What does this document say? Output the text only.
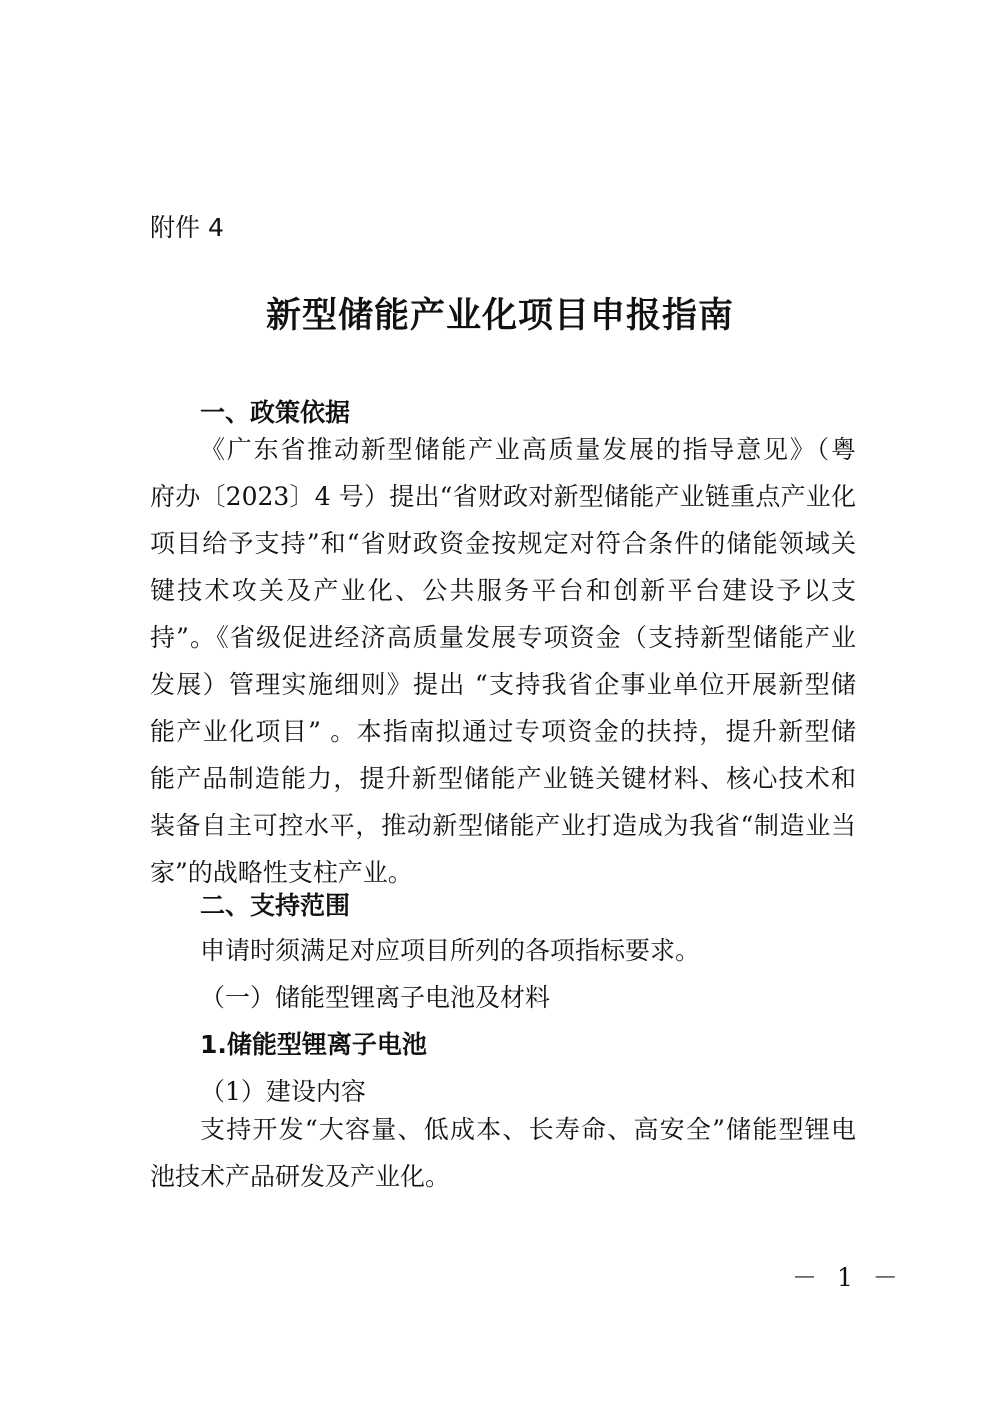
附件 4
新型储能产业化项目申报指南
一、政策依据
《广东省推动新型储能产业高质量发展的指导意见》（粤
府办〔2023〕4 号）提出“省财政对新型储能产业链重点产业化
项目给予支持”和“省财政资金按规定对符合条件的储能领域关
键技术攻关及产业化、公共服务平台和创新平台建设予以支
持”。《省级促进经济高质量发展专项资金（支持新型储能产业
发展）管理实施细则》提出 “支持我省企事业单位开展新型储
能产业化项目” 。本指南拟通过专项资金的扶持，提升新型储
能产品制造能力，提升新型储能产业链关键材料、核心技术和
装备自主可控水平，推动新型储能产业打造成为我省“制造业当
家”的战略性支柱产业。
二、支持范围
申请时须满足对应项目所列的各项指标要求。
（一）储能型锂离子电池及材料
1.储能型锂离子电池
（1）建设内容
支持开发“大容量、低成本、长寿命、高安全”储能型锂电
池技术产品研发及产业化。
－ 1 －
